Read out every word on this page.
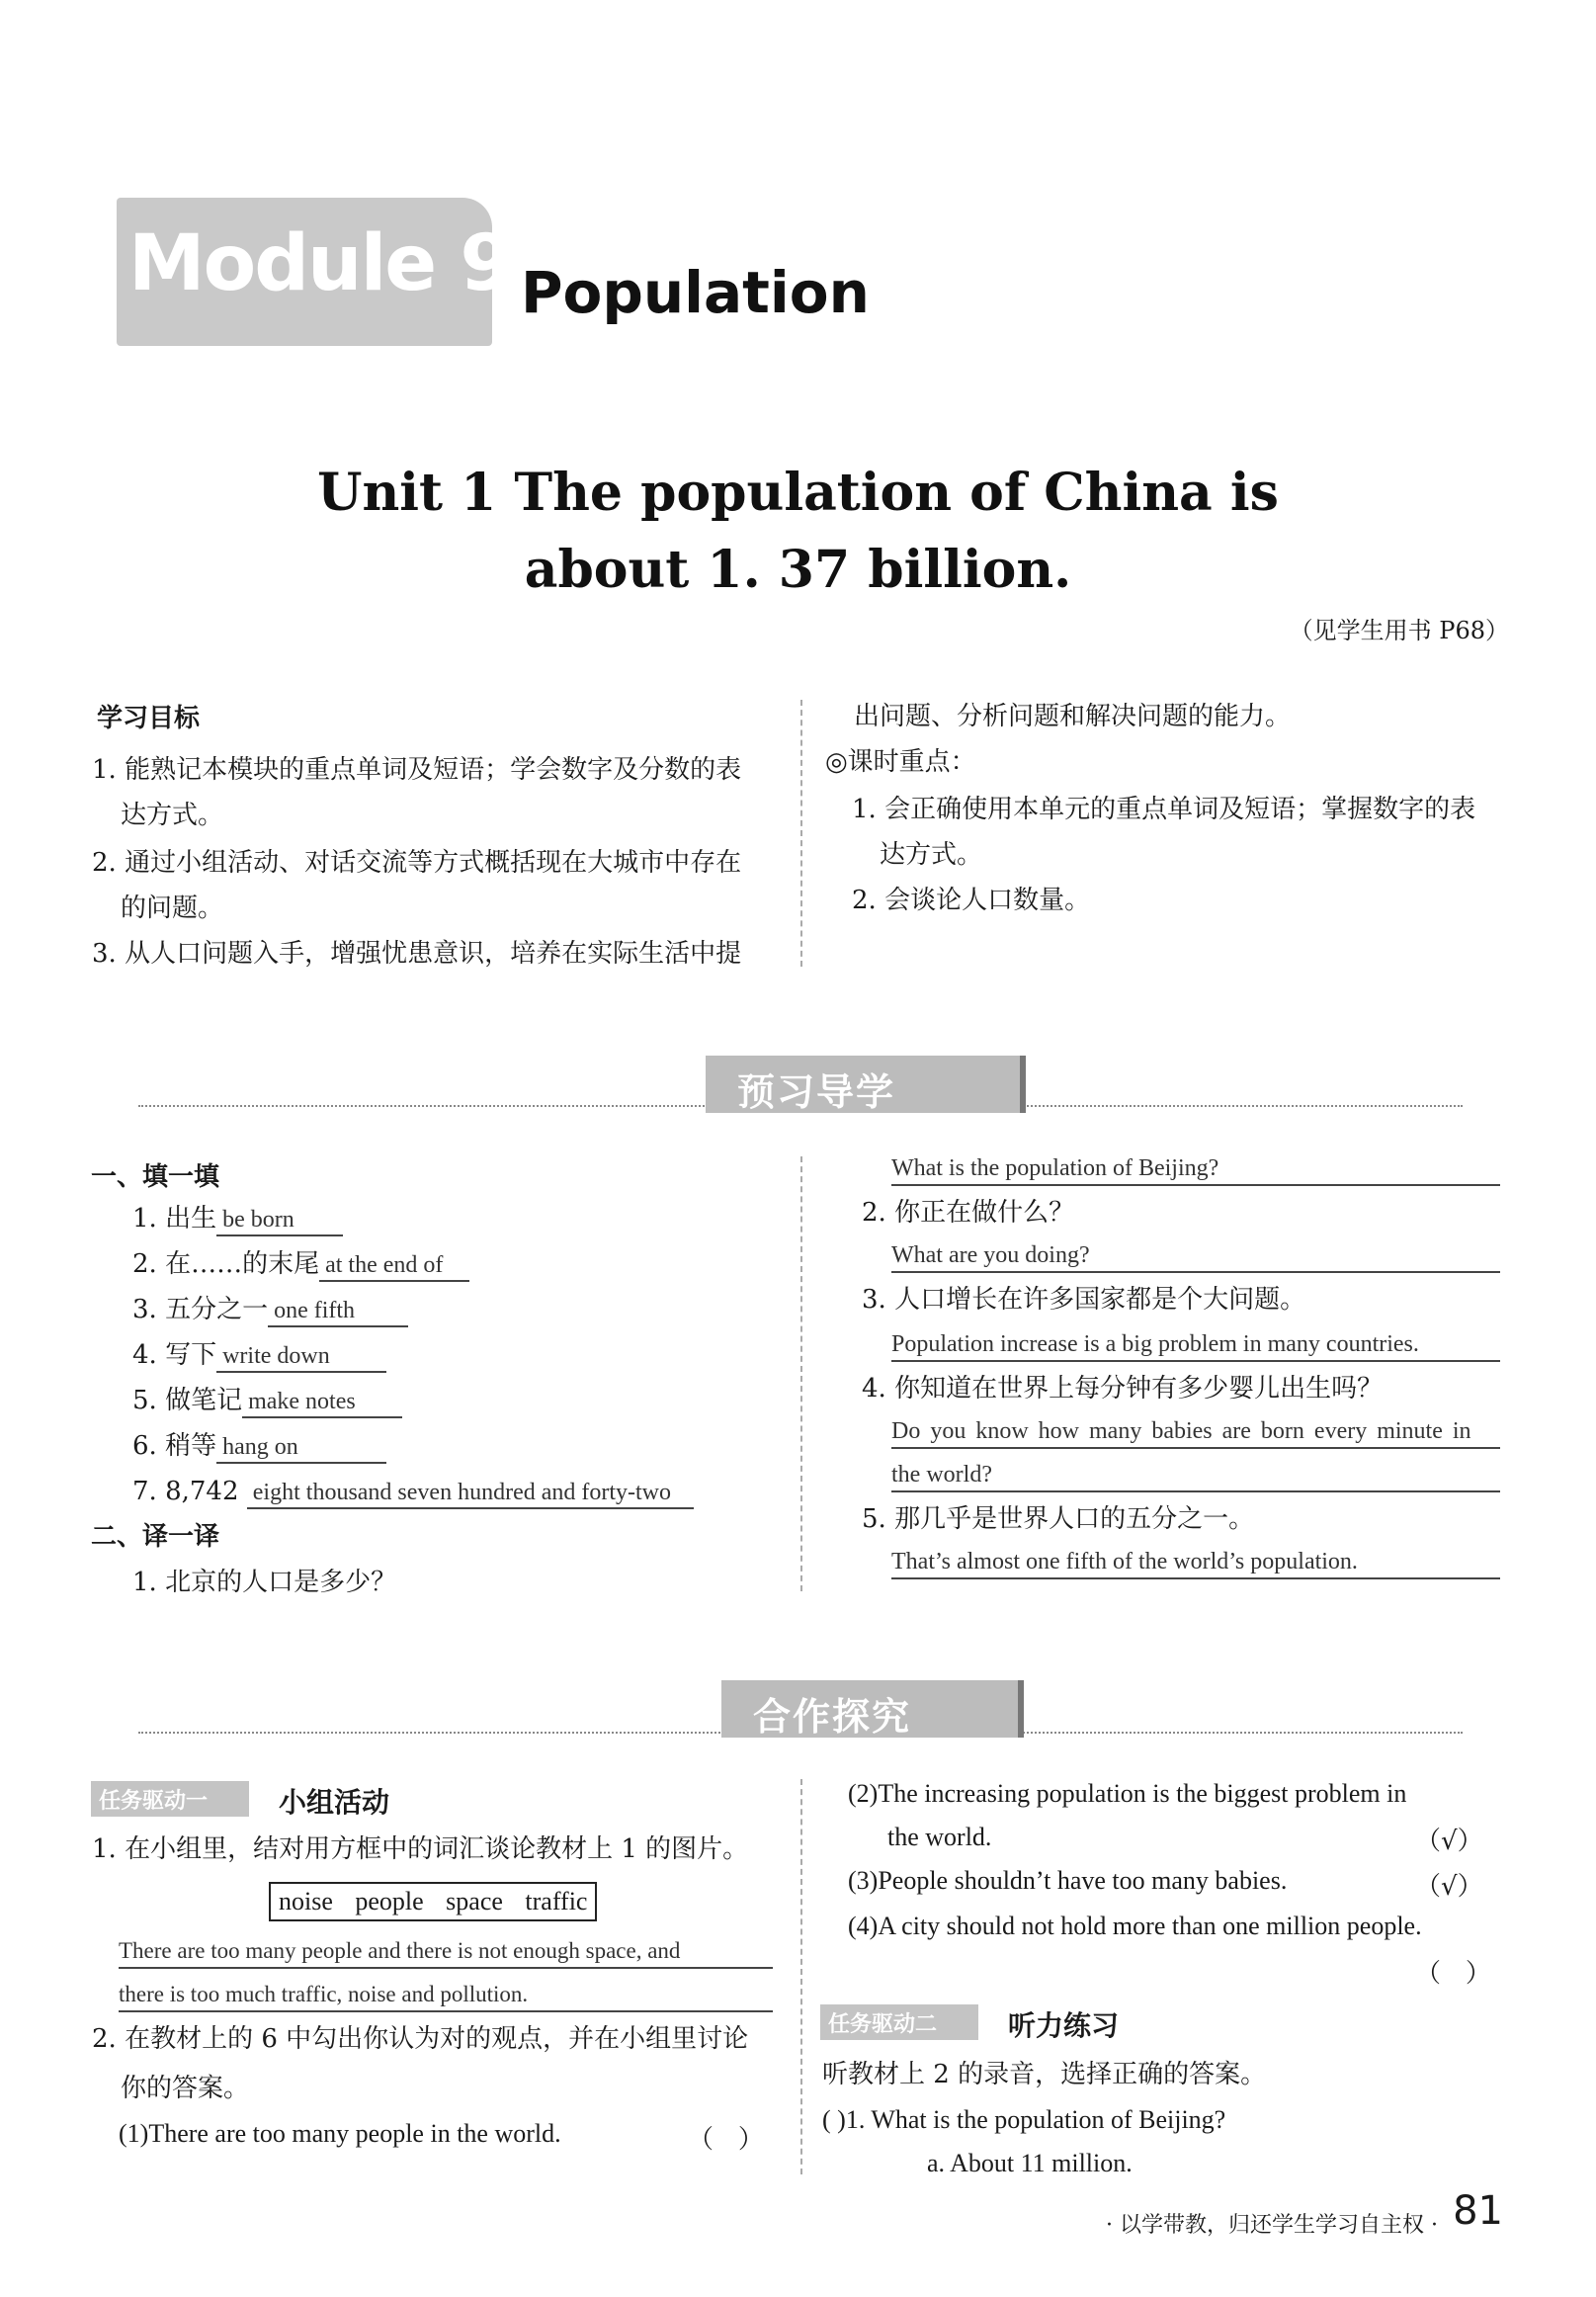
Module 9 Population
Unit 1 The population of China is
about 1. 37 billion.
（见学生用书 P68）
学习目标
1. 能熟记本模块的重点单词及短语；学会数字及分数的表
达方式。
2. 通过小组活动、对话交流等方式概括现在大城市中存在
的问题。
3. 从人口问题入手，增强忧患意识，培养在实际生活中提
出问题、分析问题和解决问题的能力。
◎课时重点：
1. 会正确使用本单元的重点单词及短语；掌握数字的表
达方式。
2. 会谈论人口数量。
预习导学
一、填一填
1. 出生 be born
2. 在……的末尾 at the end of
3. 五分之一 one fifth
4. 写下 write down
5. 做笔记 make notes
6. 稍等 hang on
7. 8,742 eight thousand seven hundred and forty-two
二、译一译
1. 北京的人口是多少？
What is the population of Beijing?
2. 你正在做什么？
What are you doing?
3. 人口增长在许多国家都是个大问题。
Population increase is a big problem in many countries.
4. 你知道在世界上每分钟有多少婴儿出生吗？
Do you know how many babies are born every minute in
the world?
5. 那几乎是世界人口的五分之一。
That’s almost one fifth of the world’s population.
合作探究
任务驱动一	小组活动
1. 在小组里，结对用方框中的词汇谈论教材上 1 的图片。
noise people space traffic
There are too many people and there is not enough space, and
there is too much traffic, noise and pollution.
2. 在教材上的 6 中勾出你认为对的观点，并在小组里讨论
你的答案。
(1)There are too many people in the world.	（ ）
(2)The increasing population is the biggest problem in
the world.	（√）
(3)People shouldn’t have too many babies.	（√）
(4)A city should not hold more than one million people.
（ ）
任务驱动二	听力练习
听教材上 2 的录音，选择正确的答案。
( )1. What is the population of Beijing?
a. About 11 million.
· 以学带教，归还学生学习自主权 · 81
